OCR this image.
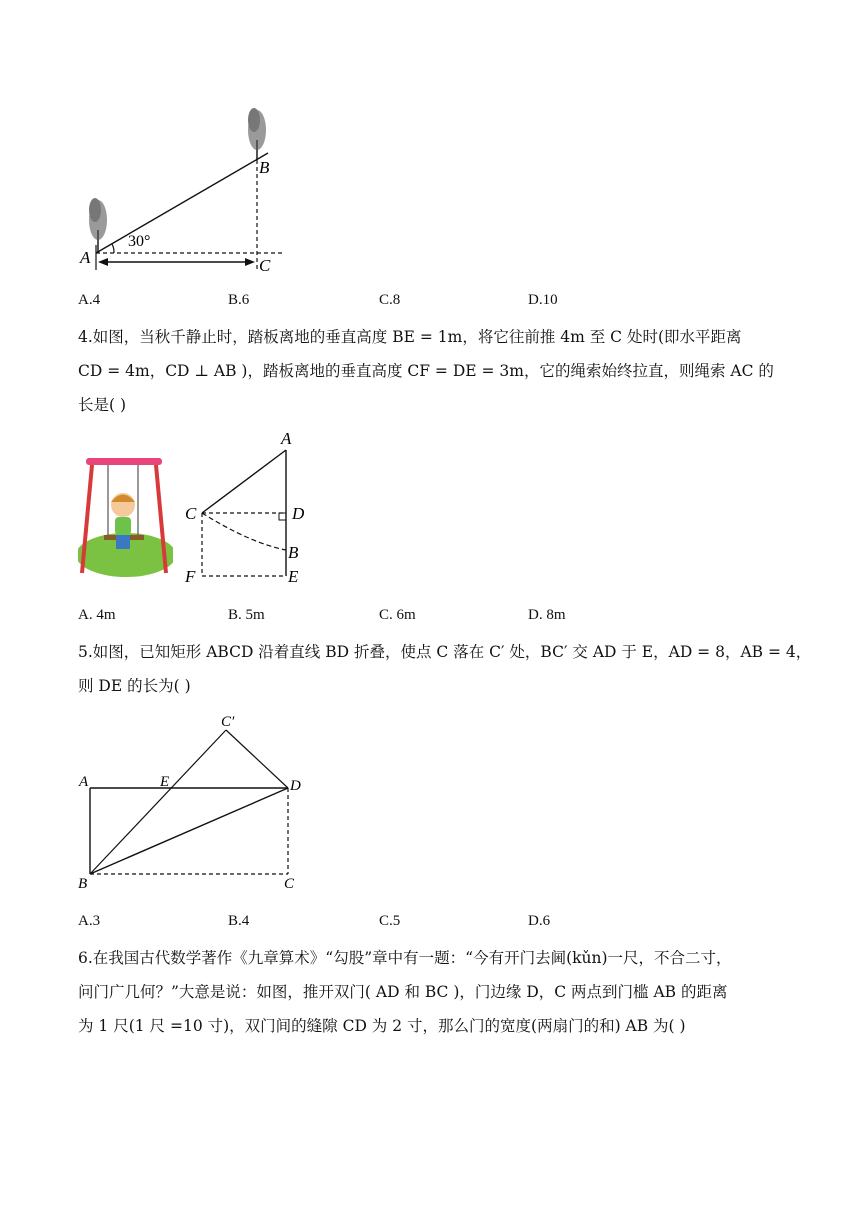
A
B
C
30°
A.4	B.6	C.8	D.10
4.如图，当秋千静止时，踏板离地的垂直高度 BE = 1m，将它往前推 4m 至 C 处时(即水平距离
CD = 4m，CD ⊥ AB )，踏板离地的垂直高度 CF = DE = 3m，它的绳索始终拉直，则绳索 AC 的
长是( )
A
C	D
B
F	E
A. 4m	B. 5m	C. 6m	D. 8m
5.如图，已知矩形 ABCD 沿着直线 BD 折叠，使点 C 落在 C′ 处，BC′ 交 AD 于 E，AD = 8，AB = 4，
则 DE 的长为( )
A	E	D
B	C
C′
A.3	B.4	C.5	D.6
6.在我国古代数学著作《九章算术》“勾股”章中有一题：“今有开门去阃(kǔn)一尺，不合二寸，
问门广几何？”大意是说：如图，推开双门( AD 和 BC )，门边缘 D，C 两点到门槛 AB 的距离
为 1 尺(1 尺 =10 寸)，双门间的缝隙 CD 为 2 寸，那么门的宽度(两扇门的和) AB 为( )
